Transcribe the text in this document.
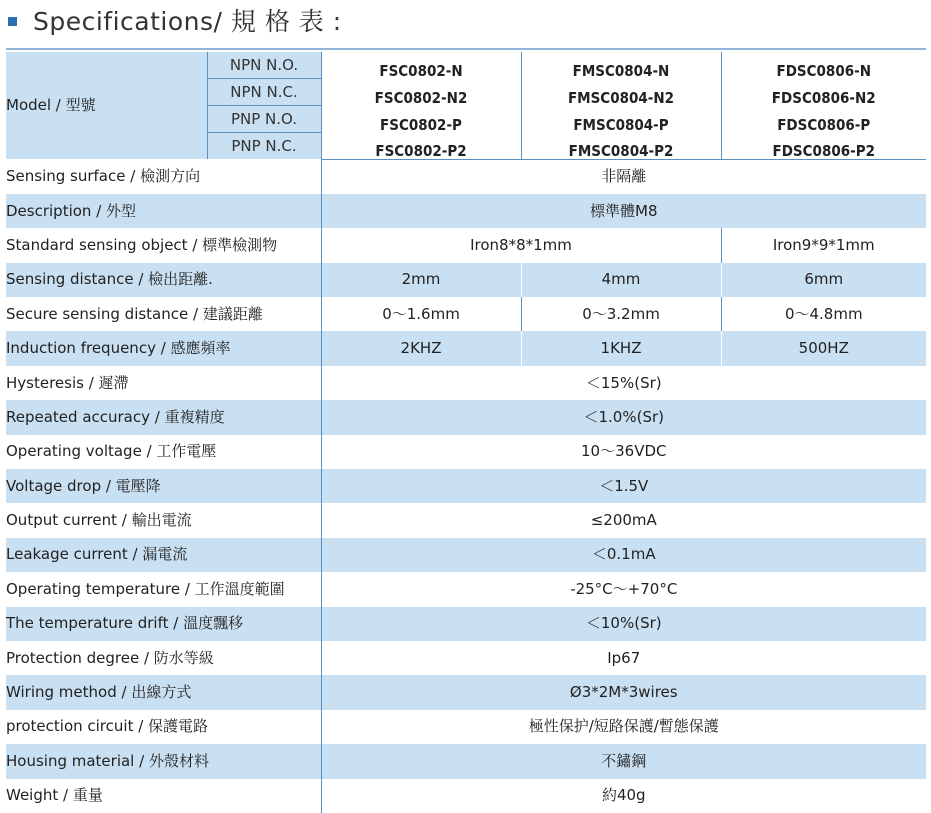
Specifications/ 規 格 表 :
Model / 型號	NPN N.O.	FSC0802-N	FMSC0804-N	FDSC0806-N
	NPN N.C.	FSC0802-N2	FMSC0804-N2	FDSC0806-N2
	PNP N.O.	FSC0802-P	FMSC0804-P	FDSC0806-P
	PNP N.C.	FSC0802-P2	FMSC0804-P2	FDSC0806-P2
Sensing surface / 檢測方向		非隔離		
Description / 外型		標準體M8		
Standard sensing object / 標準檢測物		Iron8*8*1mm		Iron9*9*1mm
Sensing distance / 檢出距離.		2mm	4mm	6mm
Secure sensing distance / 建議距離		0～1.6mm	0～3.2mm	0～4.8mm
Induction frequency / 感應頻率		2KHZ	1KHZ	500HZ
Hysteresis / 遲滯		＜15%(Sr)		
Repeated accuracy / 重複精度		＜1.0%(Sr)		
Operating voltage / 工作電壓		10～36VDC		
Voltage drop / 電壓降		＜1.5V		
Output current / 輸出電流		≤200mA		
Leakage current / 漏電流		＜0.1mA		
Operating temperature / 工作溫度範圍		-25°C～+70°C		
The temperature drift / 溫度飄移		＜10%(Sr)		
Protection degree / 防水等級		Ip67		
Wiring method / 出線方式		Ø3*2M*3wires		
protection circuit / 保護電路		極性保护/短路保護/暫態保護		
Housing material / 外殼材料		不鏽鋼		
Weight / 重量		約40g		
